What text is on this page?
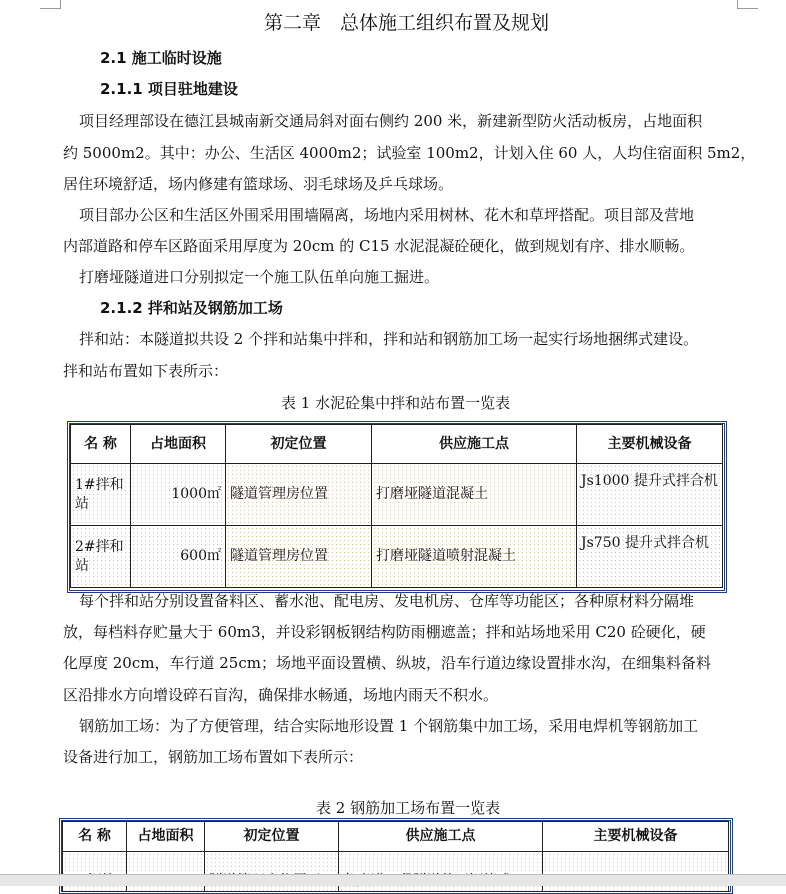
第二章　总体施工组织布置及规划
2.1 施工临时设施
2.1.1 项目驻地建设
项目经理部设在德江县城南新交通局斜对面右侧约 200 米，新建新型防火活动板房，占地面积
约 5000m2。其中：办公、生活区 4000m2；试验室 100m2，计划入住 60 人，人均住宿面积 5m2，
居住环境舒适，场内修建有篮球场、羽毛球场及乒乓球场。
项目部办公区和生活区外围采用围墙隔离，场地内采用树林、花木和草坪搭配。项目部及营地
内部道路和停车区路面采用厚度为 20cm 的 C15 水泥混凝砼硬化，做到规划有序、排水顺畅。
打磨垭隧道进口分别拟定一个施工队伍单向施工掘进。
2.1.2 拌和站及钢筋加工场
拌和站：本隧道拟共设 2 个拌和站集中拌和，拌和站和钢筋加工场一起实行场地捆绑式建设。
拌和站布置如下表所示：
表 1 水泥砼集中拌和站布置一览表
名 称	占地面积	初定位置	供应施工点	主要机械设备
1#拌和站	1000㎡	隧道管理房位置	打磨垭隧道混凝土	Js1000 提升式拌合机
2#拌和站	600㎡	隧道管理房位置	打磨垭隧道喷射混凝土	Js750 提升式拌合机
每个拌和站分别设置备料区、蓄水池、配电房、发电机房、仓库等功能区；各种原材料分隔堆
放，每档料存贮量大于 60m3，并设彩钢板钢结构防雨棚遮盖；拌和站场地采用 C20 砼硬化，硬
化厚度 20cm，车行道 25cm；场地平面设置横、纵坡，沿车行道边缘设置排水沟，在细集料备料
区沿排水方向增设碎石盲沟，确保排水畅通，场地内雨天不积水。
钢筋加工场：为了方便管理，结合实际地形设置 1 个钢筋集中加工场，采用电焊机等钢筋加工
设备进行加工，钢筋加工场布置如下表所示：
表 2 钢筋加工场布置一览表
名 称	占地面积	初定位置	供应施工点	主要机械设备
